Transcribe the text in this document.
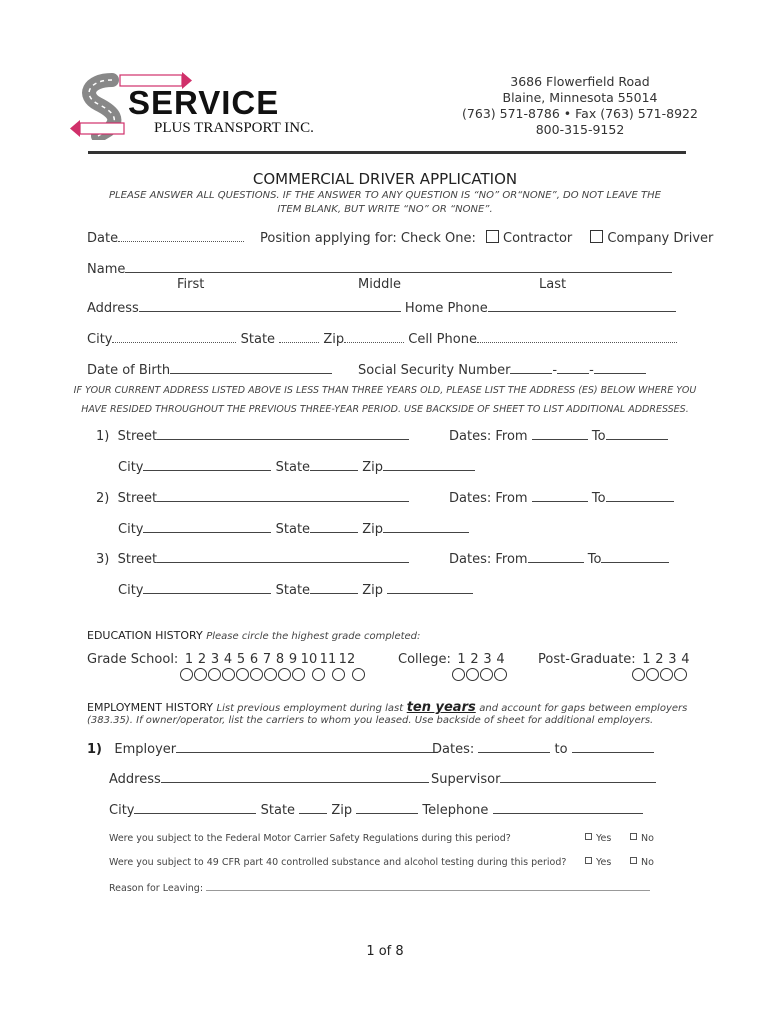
SERVICE
PLUS TRANSPORT INC.
3686 Flowerfield Road
Blaine, Minnesota 55014
(763) 571-8786 • Fax (763) 571-8922
800-315-9152
COMMERCIAL DRIVER APPLICATION
PLEASE ANSWER ALL QUESTIONS. IF THE ANSWER TO ANY QUESTION IS “NO” OR“NONE”, DO NOT LEAVE THE
ITEM BLANK, BUT WRITE “NO” OR “NONE”.
Date	Position applying for: Check One: Contractor	Company Driver
Name
First	Middle	Last
Address	Home Phone
City	State	Zip	Cell Phone
Date of Birth	Social Security Number	- -
IF YOUR CURRENT ADDRESS LISTED ABOVE IS LESS THAN THREE YEARS OLD, PLEASE LIST THE ADDRESS (ES) BELOW WHERE YOU
HAVE RESIDED THROUGHOUT THE PREVIOUS THREE-YEAR PERIOD. USE BACKSIDE OF SHEET TO LIST ADDITIONAL ADDRESSES.
1) Street	Dates: From	To
City	State	Zip
2) Street	Dates: From	To
City	State	Zip
3) Street	Dates: From	To
City	State	Zip
EDUCATION HISTORY Please circle the highest grade completed:
Grade School: 1 2 3 4 5 6 7 8 9 10 11 12	College: 1 2 3 4	Post-Graduate: 1 2 3 4
EMPLOYMENT HISTORY List previous employment during last ten years and account for gaps between employers
(383.35). If owner/operator, list the carriers to whom you leased. Use backside of sheet for additional employers.
1) Employer	Dates:	to
Address	Supervisor
City	State	Zip	Telephone
Were you subject to the Federal Motor Carrier Safety Regulations during this period?	Yes	No
Were you subject to 49 CFR part 40 controlled substance and alcohol testing during this period?	Yes	No
Reason for Leaving:
1 of 8
